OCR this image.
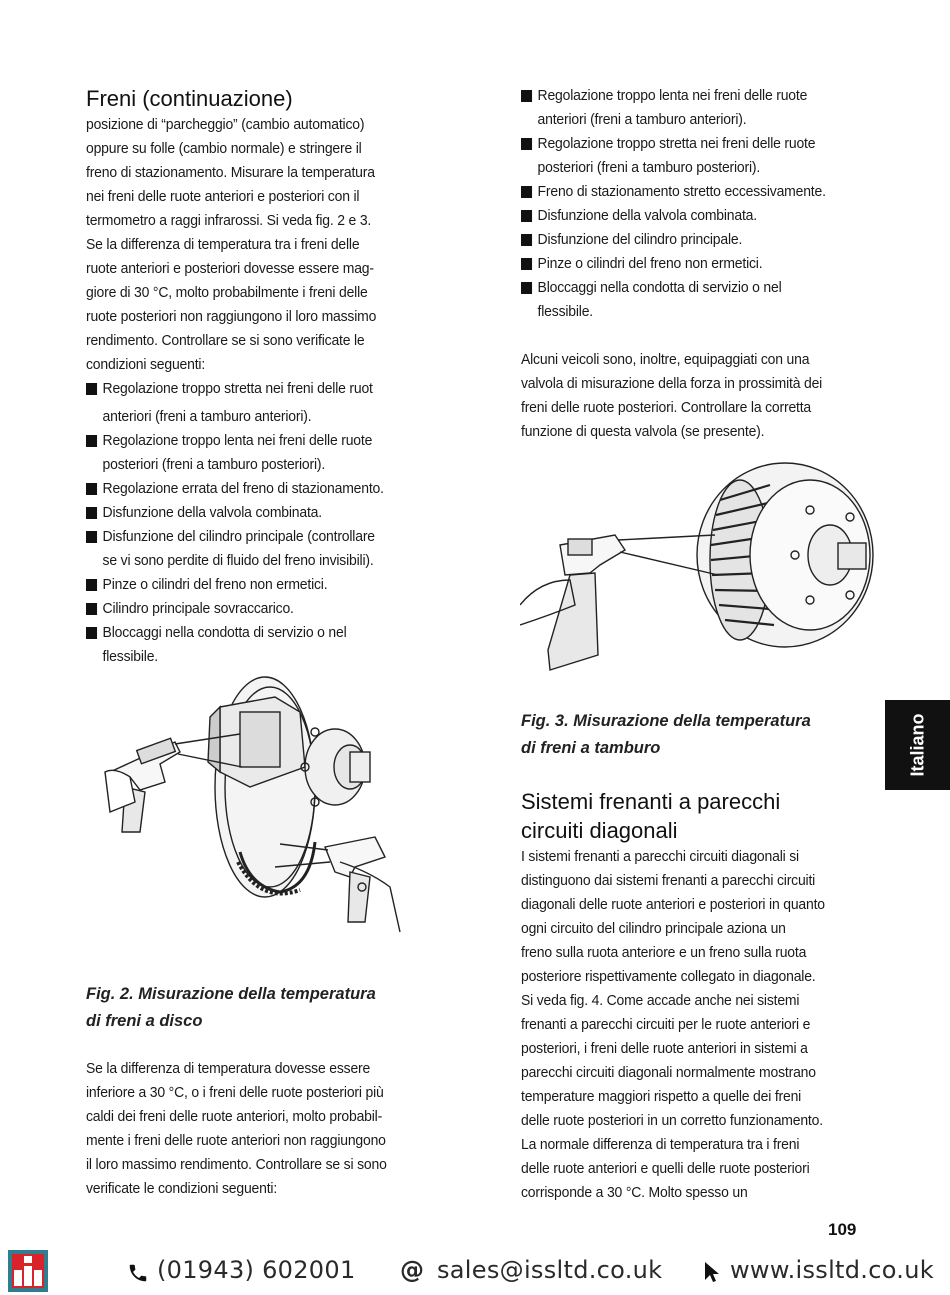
Freni (continuazione)
posizione di “parcheggio” (cambio automatico)
oppure su folle (cambio normale) e stringere il
freno di stazionamento. Misurare la temperatura
nei freni delle ruote anteriori e posteriori con il
termometro a raggi infrarossi. Si veda fig. 2 e 3.
Se la differenza di temperatura tra i freni delle
ruote anteriori e posteriori dovesse essere mag-
giore di 30 °C, molto probabilmente i freni delle
ruote posteriori non raggiungono il loro massimo
rendimento. Controllare se si sono verificate le
condizioni seguenti:
Regolazione troppo stretta nei freni delle ruot
anteriori (freni a tamburo anteriori).
Regolazione troppo lenta nei freni delle ruote
posteriori (freni a tamburo posteriori).
Regolazione errata del freno di stazionamento.
Disfunzione della valvola combinata.
Disfunzione del cilindro principale (controllare
se vi sono perdite di fluido del freno invisibili).
Pinze o cilindri del freno non ermetici.
Cilindro principale sovraccarico.
Bloccaggi nella condotta di servizio o nel
flessibile.

Fig. 2. Misurazione della temperatura
di freni a disco

Se la differenza di temperatura dovesse essere
inferiore a 30 °C, o i freni delle ruote posteriori più
caldi dei freni delle ruote anteriori, molto probabil-
mente i freni delle ruote anteriori non raggiungono
il loro massimo rendimento. Controllare se si sono
verificate le condizioni seguenti:
Regolazione troppo lenta nei freni delle ruote
anteriori (freni a tamburo anteriori).
Regolazione troppo stretta nei freni delle ruote
posteriori (freni a tamburo posteriori).
Freno di stazionamento stretto eccessivamente.
Disfunzione della valvola combinata.
Disfunzione del cilindro principale.
Pinze o cilindri del freno non ermetici.
Bloccaggi nella condotta di servizio o nel
flessibile.
Alcuni veicoli sono, inoltre, equipaggiati con una
valvola di misurazione della forza in prossimità dei
freni delle ruote posteriori. Controllare la corretta
funzione di questa valvola (se presente).

Fig. 3. Misurazione della temperatura
di freni a tamburo

Sistemi frenanti a parecchi
circuiti diagonali
I sistemi frenanti a parecchi circuiti diagonali si
distinguono dai sistemi frenanti a parecchi circuiti
diagonali delle ruote anteriori e posteriori in quanto
ogni circuito del cilindro principale aziona un
freno sulla ruota anteriore e un freno sulla ruota
posteriore rispettivamente collegato in diagonale.
Si veda fig. 4. Come accade anche nei sistemi
frenanti a parecchi circuiti per le ruote anteriori e
posteriori, i freni delle ruote anteriori in sistemi a
parecchi circuiti diagonali normalmente mostrano
temperature maggiori rispetto a quelle dei freni
delle ruote posteriori in un corretto funzionamento.
La normale differenza di temperatura tra i freni
delle ruote anteriori e quelli delle ruote posteriori
corrisponde a 30 °C. Molto spesso un
Italiano
109
(01943) 602001 @ sales@issltd.co.uk	www.issltd.co.uk
